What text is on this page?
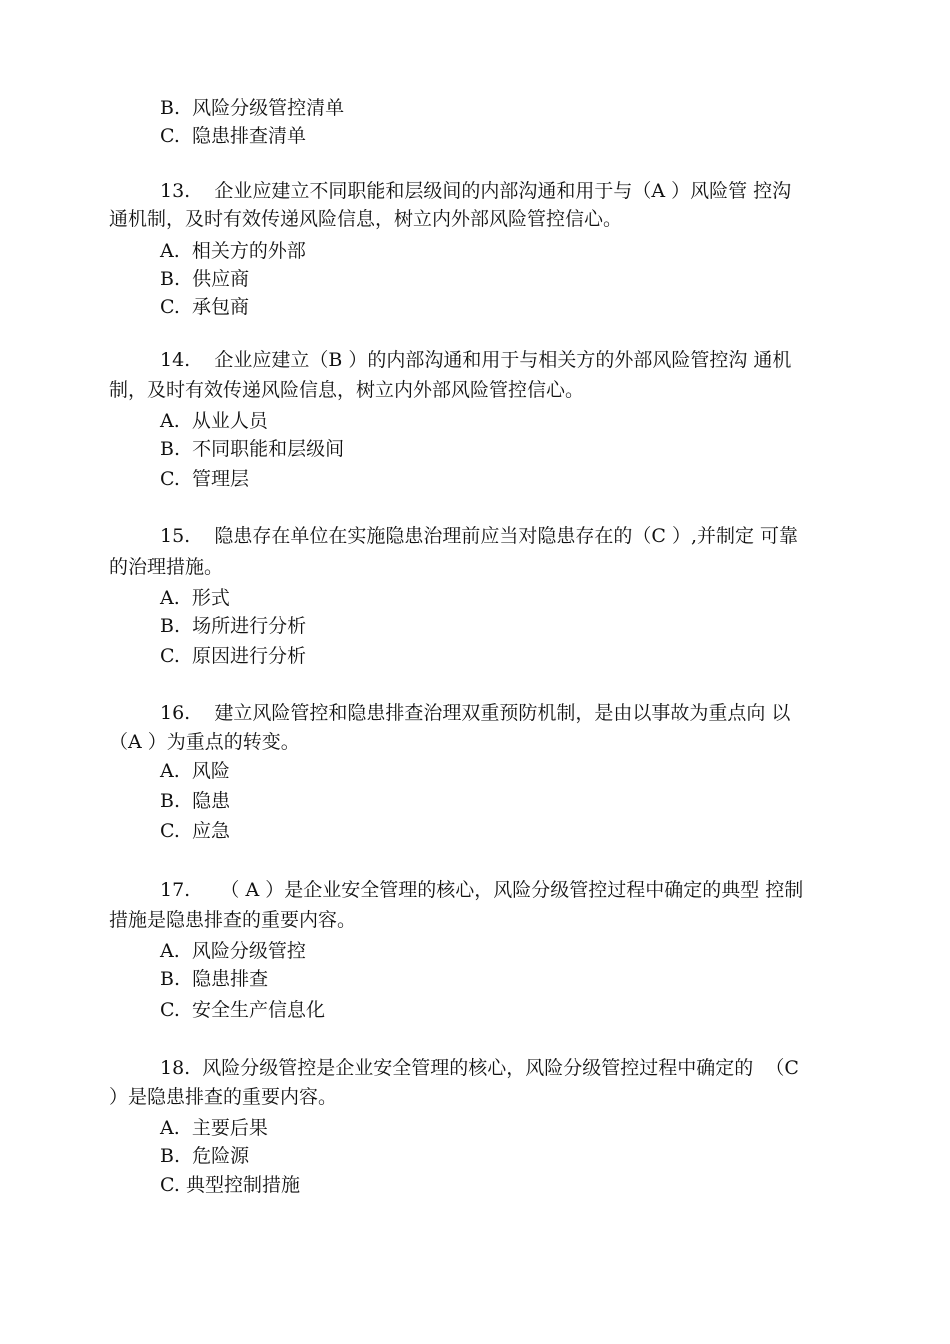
B.  风险分级管控清单
C.  隐患排查清单
13.    企业应建立不同职能和层级间的内部沟通和用于与（A ）风险管 控沟
通机制，及时有效传递风险信息，树立内外部风险管控信心。
A.  相关方的外部
B.  供应商
C.  承包商
14.    企业应建立（B ）的内部沟通和用于与相关方的外部风险管控沟 通机
制，及时有效传递风险信息，树立内外部风险管控信心。
A.  从业人员
B.  不同职能和层级间
C.  管理层
15.    隐患存在单位在实施隐患治理前应当对隐患存在的（C ）,并制定 可靠
的治理措施。
A.  形式
B.  场所进行分析
C.  原因进行分析
16.    建立风险管控和隐患排查治理双重预防机制，是由以事故为重点向 以
（A ）为重点的转变。
A.  风险
B.  隐患
C.  应急
17.     （ A ）是企业安全管理的核心，风险分级管控过程中确定的典型 控制
措施是隐患排查的重要内容。
A.  风险分级管控
B.  隐患排查
C.  安全生产信息化
18.  风险分级管控是企业安全管理的核心，风险分级管控过程中确定的  （C
）是隐患排查的重要内容。
A.  主要后果
B.  危险源
C. 典型控制措施
